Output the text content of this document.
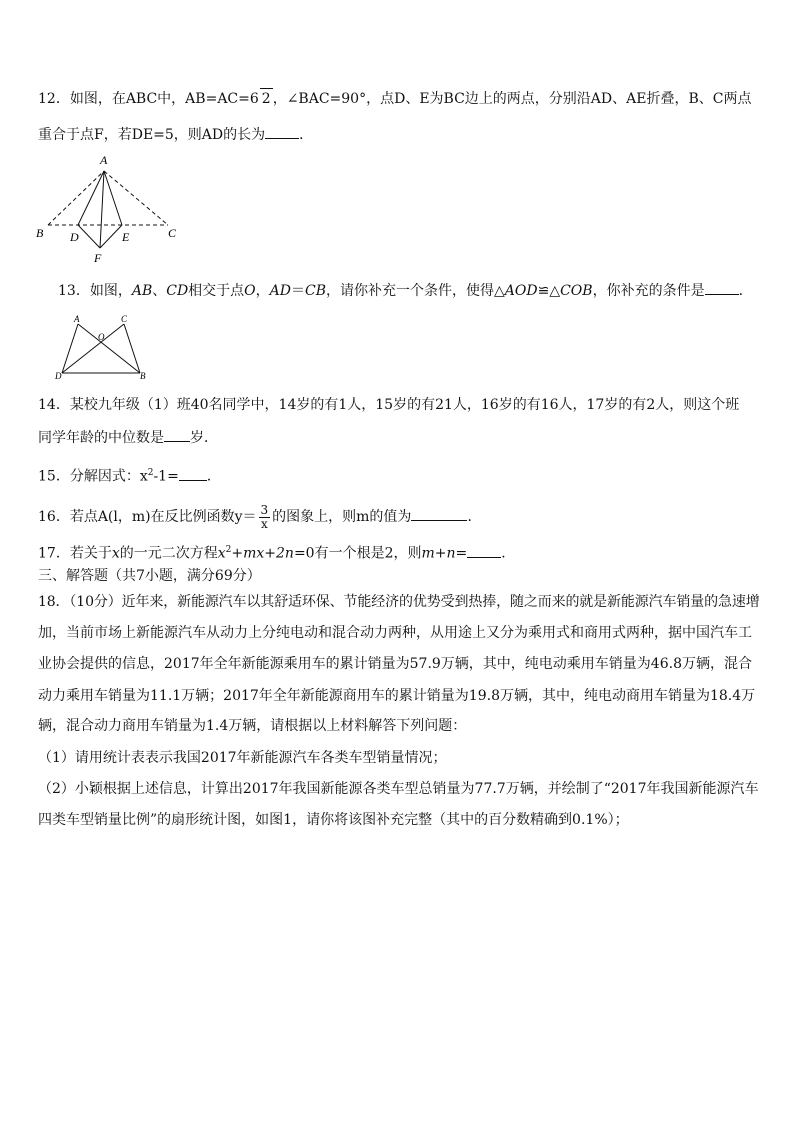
12．如图，在ABC中，AB=AC=6 2 ，∠BAC=90°，点D、E为BC边上的两点，分别沿AD、AE折叠，B、C两点
重合于点F，若DE=5，则AD的长为 ．
A
B	C
D	E
F
13．如图，AB、CD相交于点O，AD＝CB，请你补充一个条件，使得△AOD≌△COB，你补充的条件是 ．
A	C
O
D	B
14．某校九年级（1）班40名同学中，14岁的有1人，15岁的有21人，16岁的有16人，17岁的有2人，则这个班
同学年龄的中位数是 岁．
15．分解因式：$x^2-1=$ ．
16．若点A(l，m)在反比例函数$y= \frac{3}{x}$ 的图象上，则m的值为	．
17．若关于x的一元二次方程$x^2+mx+2n=0$有一个根是2，则m+n= ．
三、解答题（共7小题，满分69分）
18．（10分）近年来，新能源汽车以其舒适环保、节能经济的优势受到热捧，随之而来的就是新能源汽车销量的急速增
加，当前市场上新能源汽车从动力上分纯电动和混合动力两种，从用途上又分为乘用式和商用式两种，据中国汽车工
业协会提供的信息，2017年全年新能源乘用车的累计销量为57.9万辆，其中，纯电动乘用车销量为46.8万辆，混合
动力乘用车销量为11.1万辆；2017年全年新能源商用车的累计销量为19.8万辆，其中，纯电动商用车销量为18.4万
辆，混合动力商用车销量为1.4万辆，请根据以上材料解答下列问题：
（1）请用统计表表示我国2017年新能源汽车各类车型销量情况；
（2）小颖根据上述信息，计算出2017年我国新能源各类车型总销量为77.7万辆，并绘制了“2017年我国新能源汽车
四类车型销量比例”的扇形统计图，如图1，请你将该图补充完整（其中的百分数精确到0.1%）；
